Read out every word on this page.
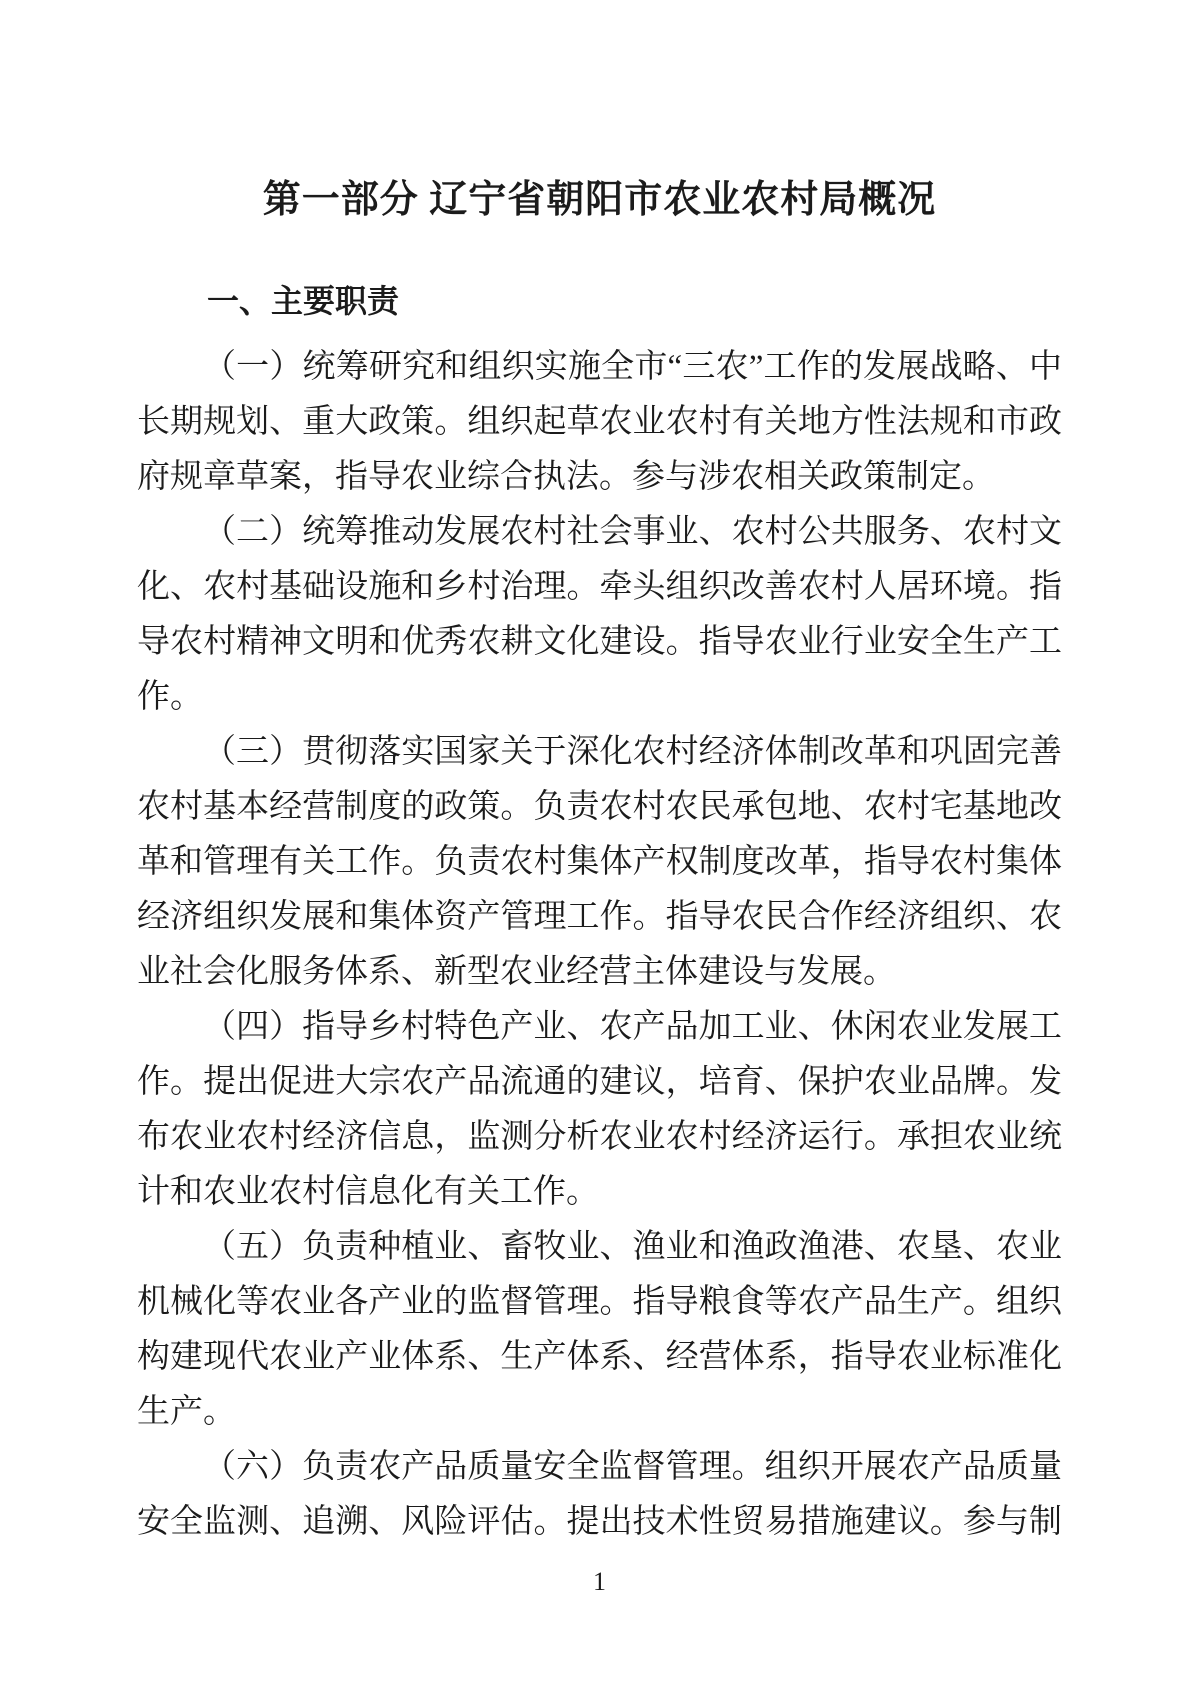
第一部分 辽宁省朝阳市农业农村局概况
一、主要职责
（一）统筹研究和组织实施全市“三农”工作的发展战略、中
长期规划、重大政策。组织起草农业农村有关地方性法规和市政
府规章草案，指导农业综合执法。参与涉农相关政策制定。
（二）统筹推动发展农村社会事业、农村公共服务、农村文
化、农村基础设施和乡村治理。牵头组织改善农村人居环境。指
导农村精神文明和优秀农耕文化建设。指导农业行业安全生产工
作。
（三）贯彻落实国家关于深化农村经济体制改革和巩固完善
农村基本经营制度的政策。负责农村农民承包地、农村宅基地改
革和管理有关工作。负责农村集体产权制度改革，指导农村集体
经济组织发展和集体资产管理工作。指导农民合作经济组织、农
业社会化服务体系、新型农业经营主体建设与发展。
（四）指导乡村特色产业、农产品加工业、休闲农业发展工
作。提出促进大宗农产品流通的建议，培育、保护农业品牌。发
布农业农村经济信息，监测分析农业农村经济运行。承担农业统
计和农业农村信息化有关工作。
（五）负责种植业、畜牧业、渔业和渔政渔港、农垦、农业
机械化等农业各产业的监督管理。指导粮食等农产品生产。组织
构建现代农业产业体系、生产体系、经营体系，指导农业标准化
生产。
（六）负责农产品质量安全监督管理。组织开展农产品质量
安全监测、追溯、风险评估。提出技术性贸易措施建议。参与制
1
